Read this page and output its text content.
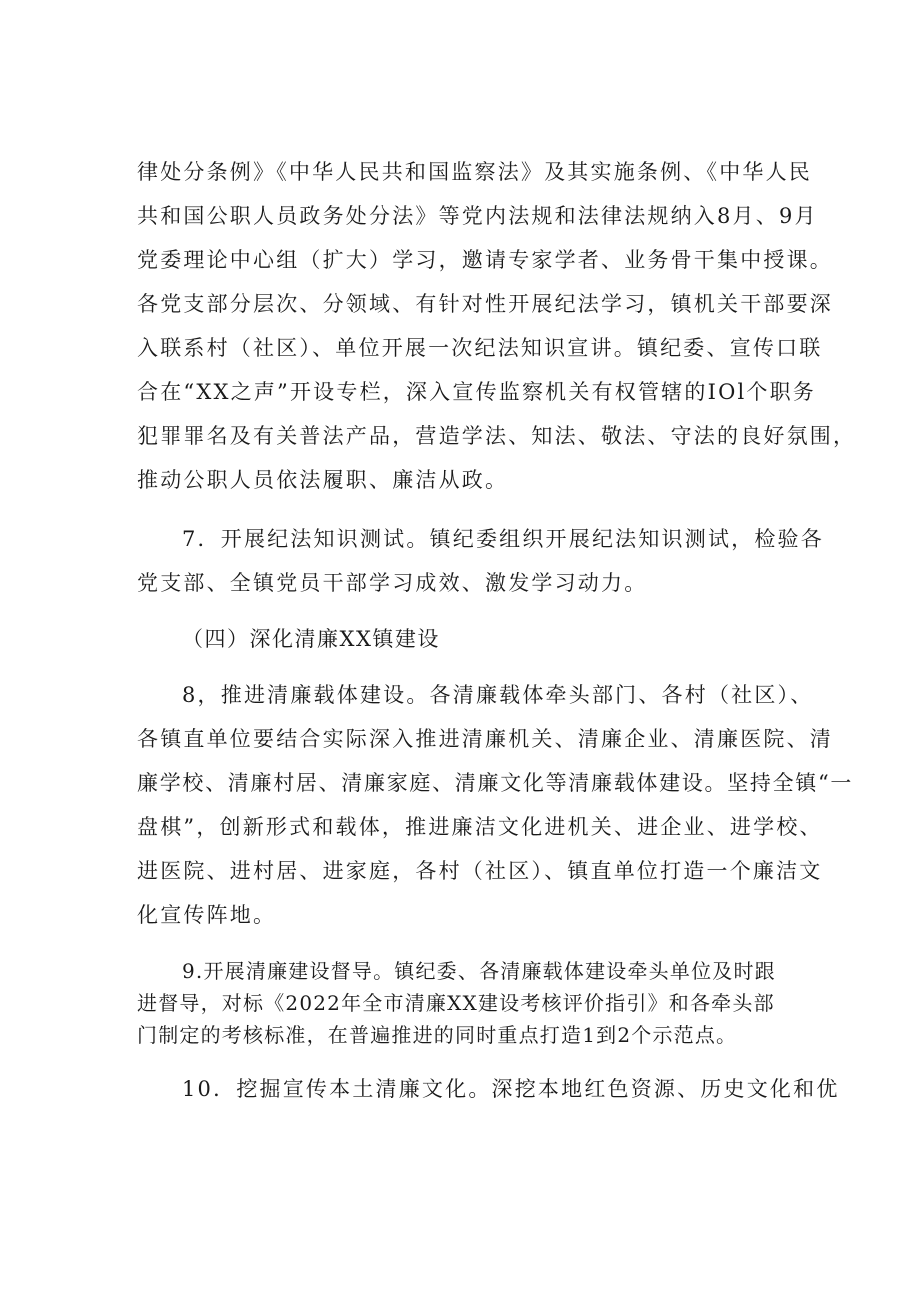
律处分条例》《中华人民共和国监察法》及其实施条例、《中华人民
共和国公职人员政务处分法》等党内法规和法律法规纳入8月、9月
党委理论中心组（扩大）学习，邀请专家学者、业务骨干集中授课。
各党支部分层次、分领域、有针对性开展纪法学习，镇机关干部要深
入联系村（社区）、单位开展一次纪法知识宣讲。镇纪委、宣传口联
合在“XX之声”开设专栏，深入宣传监察机关有权管辖的IOl个职务
犯罪罪名及有关普法产品，营造学法、知法、敬法、守法的良好氛围，
推动公职人员依法履职、廉洁从政。
7．开展纪法知识测试。镇纪委组织开展纪法知识测试，检验各
党支部、全镇党员干部学习成效、激发学习动力。
（四）深化清廉XX镇建设
8，推进清廉载体建设。各清廉载体牵头部门、各村（社区）、
各镇直单位要结合实际深入推进清廉机关、清廉企业、清廉医院、清
廉学校、清廉村居、清廉家庭、清廉文化等清廉载体建设。坚持全镇“一
盘棋”，创新形式和载体，推进廉洁文化进机关、进企业、进学校、
进医院、进村居、进家庭，各村（社区）、镇直单位打造一个廉洁文
化宣传阵地。
9.开展清廉建设督导。镇纪委、各清廉载体建设牵头单位及时跟
进督导，对标《2022年全市清廉XX建设考核评价指引》和各牵头部
门制定的考核标准，在普遍推进的同时重点打造1到2个示范点。
10．挖掘宣传本土清廉文化。深挖本地红色资源、历史文化和优
